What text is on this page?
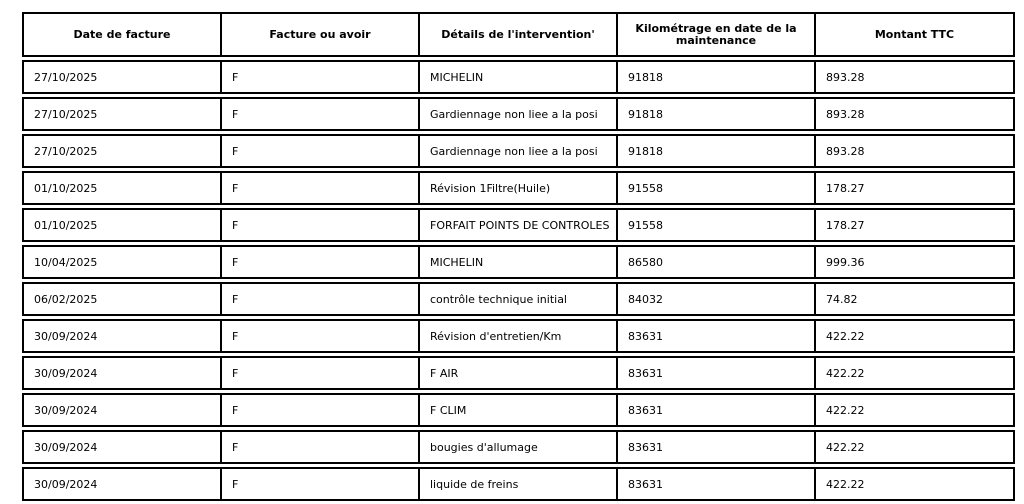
Date de facture	Facture ou avoir	Détails de l'intervention'	Kilométrage en date de la maintenance	Montant TTC
27/10/2025	F	MICHELIN	91818	893.28
27/10/2025	F	Gardiennage non liee a la posi	91818	893.28
27/10/2025	F	Gardiennage non liee a la posi	91818	893.28
01/10/2025	F	Révision 1Filtre(Huile)	91558	178.27
01/10/2025	F	FORFAIT POINTS DE CONTROLES	91558	178.27
10/04/2025	F	MICHELIN	86580	999.36
06/02/2025	F	contrôle technique initial	84032	74.82
30/09/2024	F	Révision d'entretien/Km	83631	422.22
30/09/2024	F	F AIR	83631	422.22
30/09/2024	F	F CLIM	83631	422.22
30/09/2024	F	bougies d'allumage	83631	422.22
30/09/2024	F	liquide de freins	83631	422.22
